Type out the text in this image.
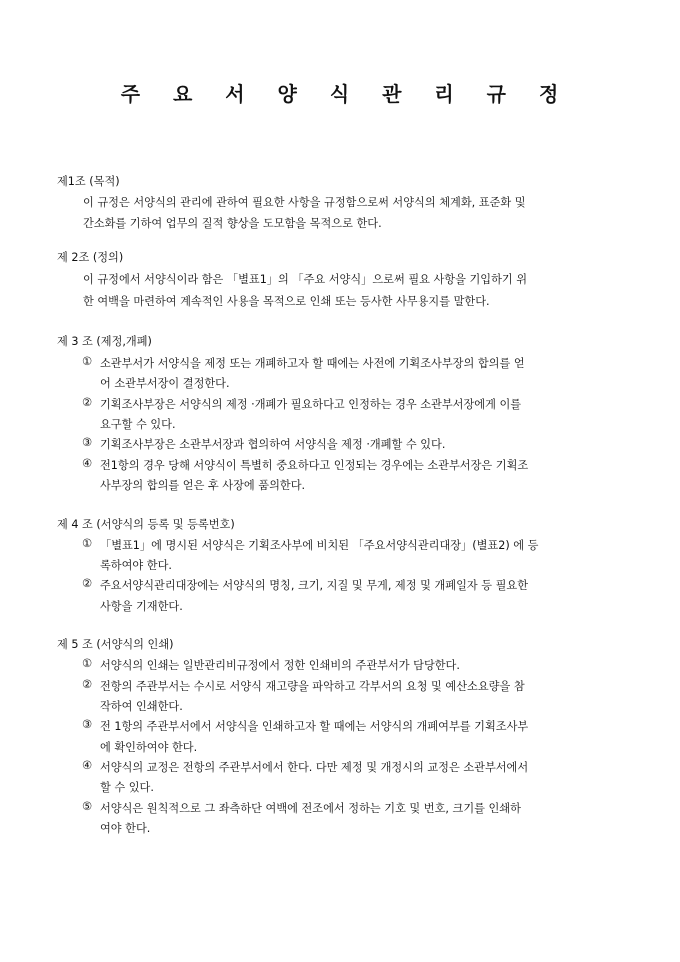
주 요 서 양 식 관 리 규 정
제1조 (목적)
이 규정은 서양식의 관리에 관하여 필요한 사항을 규정함으로써 서양식의 체계화, 표준화 및
간소화를 기하여 업무의 질적 향상을 도모함을 목적으로 한다.
제 2조 (정의)
이 규정에서 서양식이라 함은 「별표1」의 「주요 서양식」으로써 필요 사항을 기입하기 위
한 여백을 마련하여 계속적인 사용을 목적으로 인쇄 또는 등사한 사무용지를 말한다.
제 3 조 (제정,개폐)
① 소관부서가 서양식을 제정 또는 개폐하고자 할 때에는 사전에 기획조사부장의 합의를 얻
어 소관부서장이 결정한다.
② 기획조사부장은 서양식의 제정 ·개폐가 필요하다고 인정하는 경우 소관부서장에게 이를
요구할 수 있다.
③ 기획조사부장은 소관부서장과 협의하여 서양식을 제정 ·개폐할 수 있다.
④ 전1항의 경우 당해 서양식이 특별히 중요하다고 인정되는 경우에는 소관부서장은 기획조
사부장의 합의를 얻은 후 사장에 품의한다.
제 4 조 (서양식의 등록 및 등록번호)
① 「별표1」에 명시된 서양식은 기획조사부에 비치된 「주요서양식관리대장」(별표2) 에 등
록하여야 한다.
② 주요서양식관리대장에는 서양식의 명칭, 크기, 지질 및 무게, 제정 및 개폐일자 등 필요한
사항을 기재한다.
제 5 조 (서양식의 인쇄)
① 서양식의 인쇄는 일반관리비규정에서 정한 인쇄비의 주관부서가 담당한다.
② 전항의 주관부서는 수시로 서양식 재고량을 파악하고 각부서의 요청 및 예산소요량을 참
작하여 인쇄한다.
③ 전 1항의 주관부서에서 서양식을 인쇄하고자 할 때에는 서양식의 개폐여부를 기획조사부
에 확인하여야 한다.
④ 서양식의 교정은 전항의 주관부서에서 한다. 다만 제정 및 개정시의 교정은 소관부서에서
할 수 있다.
⑤ 서양식은 원칙적으로 그 좌측하단 여백에 전조에서 정하는 기호 및 번호, 크기를 인쇄하
여야 한다.
